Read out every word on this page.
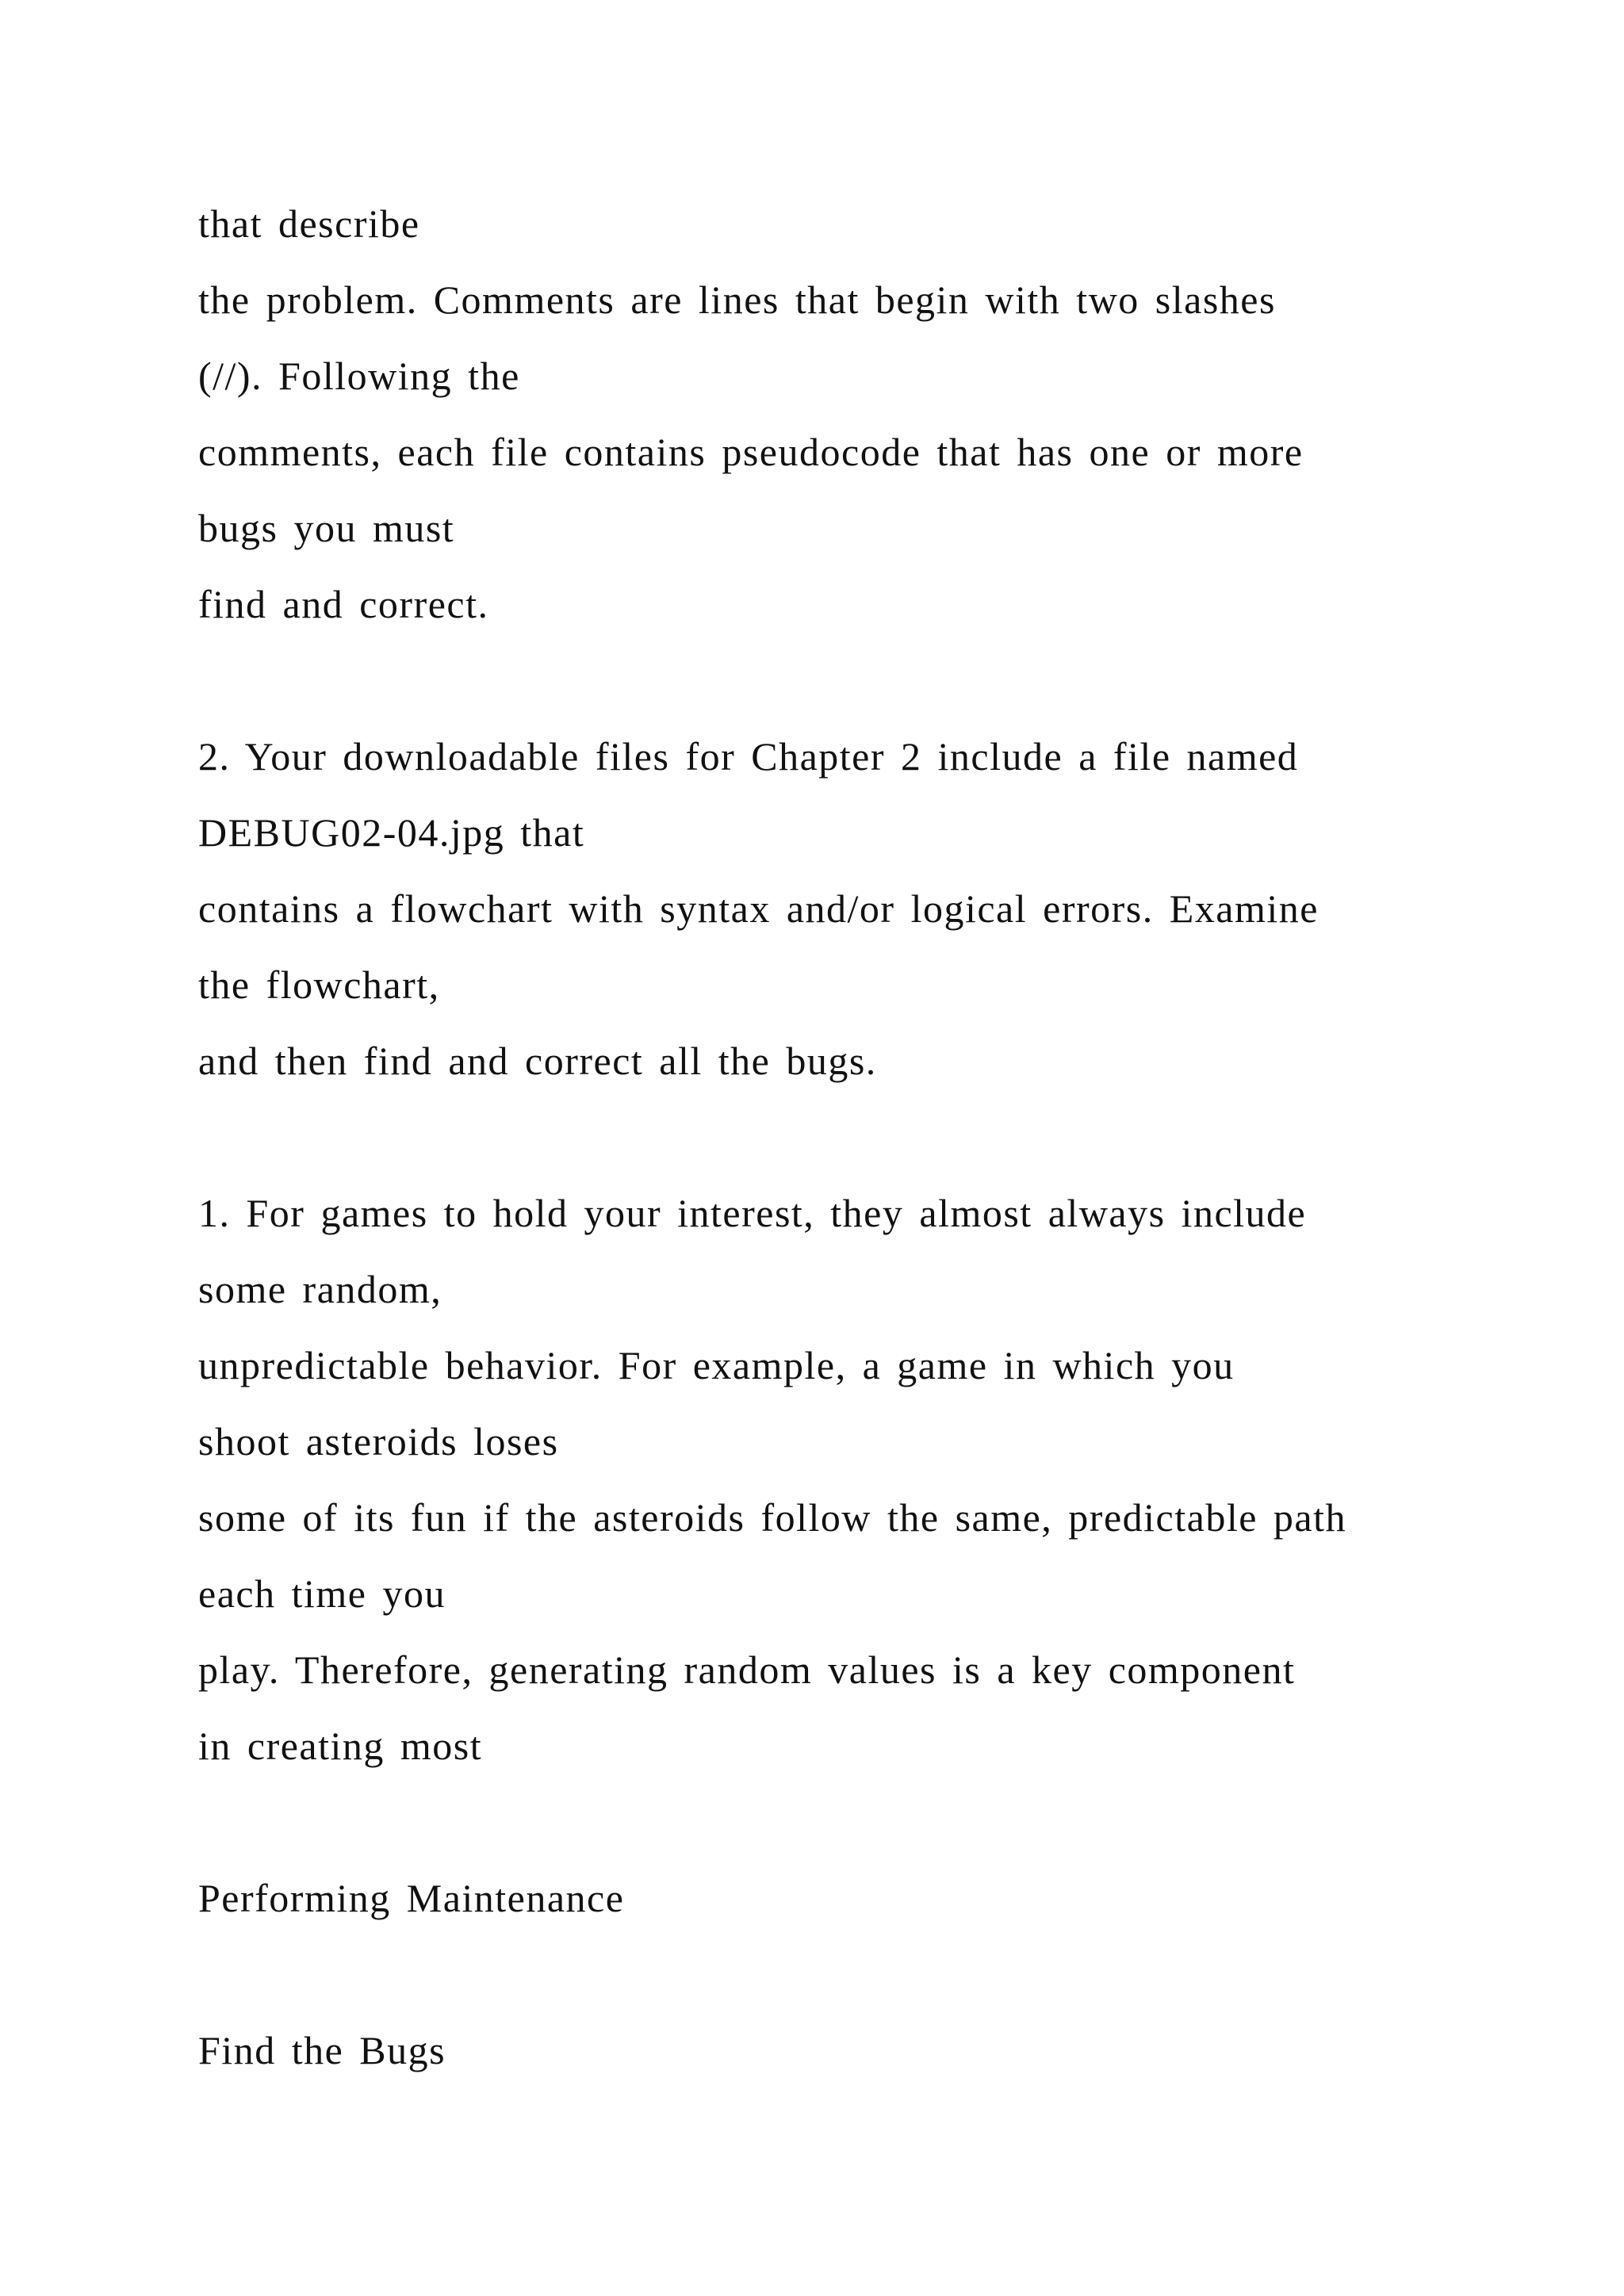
that describe
the problem. Comments are lines that begin with two slashes
(//). Following the
comments, each file contains pseudocode that has one or more
bugs you must
find and correct.
2. Your downloadable files for Chapter 2 include a file named
DEBUG02-04.jpg that
contains a flowchart with syntax and/or logical errors. Examine
the flowchart,
and then find and correct all the bugs.
1. For games to hold your interest, they almost always include
some random,
unpredictable behavior. For example, a game in which you
shoot asteroids loses
some of its fun if the asteroids follow the same, predictable path
each time you
play. Therefore, generating random values is a key component
in creating most
Performing Maintenance
Find the Bugs
